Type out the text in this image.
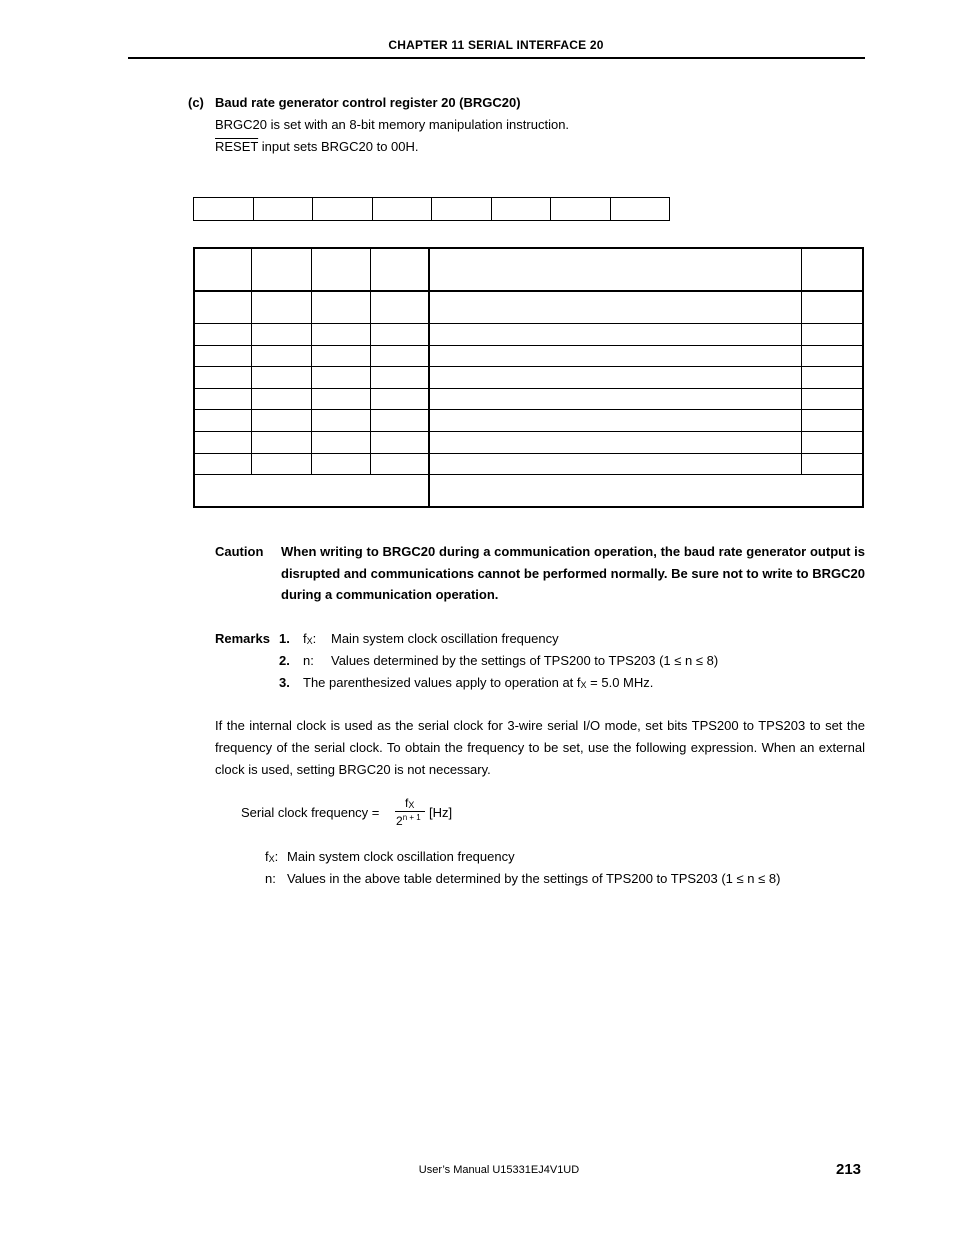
CHAPTER 11 SERIAL INTERFACE 20
(c) Baud rate generator control register 20 (BRGC20)
BRGC20 is set with an 8-bit memory manipulation instruction.
RESET input sets BRGC20 to 00H.

Caution When writing to BRGC20 during a communication operation, the baud rate generator output is disrupted and communications cannot be performed normally. Be sure not to write to BRGC20 during a communication operation.
Remarks 1. $f_X$: Main system clock oscillation frequency
2. n: Values determined by the settings of TPS200 to TPS203 (1 ≤ n ≤ 8)
3. The parenthesized values apply to operation at $f_X = 5.0$ MHz.
If the internal clock is used as the serial clock for 3-wire serial I/O mode, set bits TPS200 to TPS203 to set the frequency of the serial clock. To obtain the frequency to be set, use the following expression. When an external clock is used, setting BRGC20 is not necessary.
Serial clock frequency =
$f_X$
$2^{n + 1}$ [Hz]
$f_X$: Main system clock oscillation frequency
n: Values in the above table determined by the settings of TPS200 to TPS203 (1 ≤ n ≤ 8)
User’s Manual U15331EJ4V1UD	213
